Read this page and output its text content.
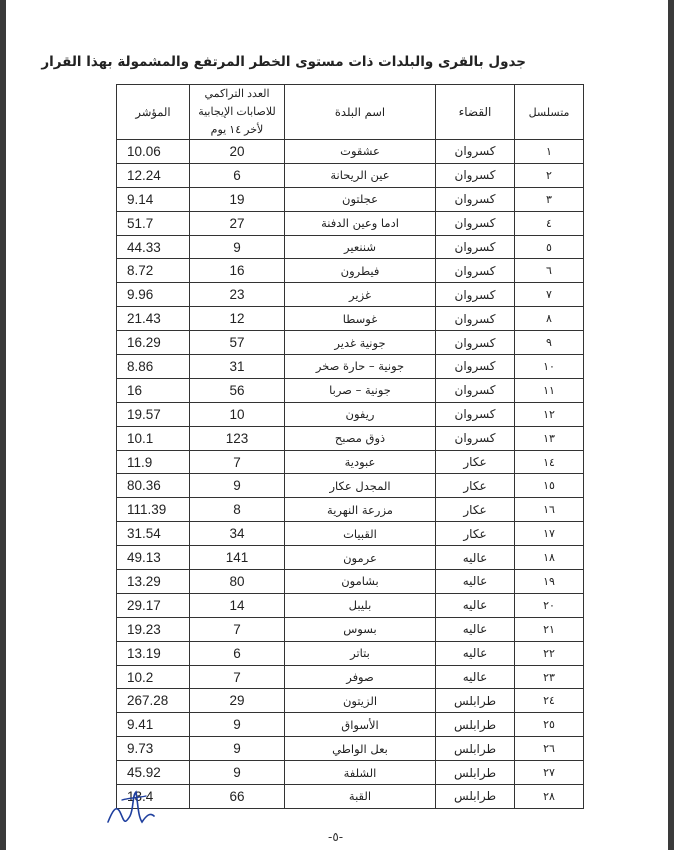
جدول بالقرى والبلدات ذات مستوى الخطر المرتفع والمشمولة بهذا القرار
المؤشر	العدد التراكمي للاصابات الإيجابية لأخر ١٤ يوم	اسم البلدة	القضاء	متسلسل
10.06	20	عشقوت	كسروان	١
12.24	6	عين الريحانة	كسروان	٢
9.14	19	عجلتون	كسروان	٣
51.7	27	ادما وعين الدفنة	كسروان	٤
44.33	9	شننعير	كسروان	٥
8.72	16	فيطرون	كسروان	٦
9.96	23	غزير	كسروان	٧
21.43	12	غوسطا	كسروان	٨
16.29	57	جونية غدير	كسروان	٩
8.86	31	جونية – حارة صخر	كسروان	١٠
16	56	جونية – صربا	كسروان	١١
19.57	10	ريفون	كسروان	١٢
10.1	123	ذوق مصبح	كسروان	١٣
11.9	7	عبودية	عكار	١٤
80.36	9	المجدل عكار	عكار	١٥
111.39	8	مزرعة النهرية	عكار	١٦
31.54	34	القبيات	عكار	١٧
49.13	141	عرمون	عاليه	١٨
13.29	80	بشامون	عاليه	١٩
29.17	14	بليبل	عاليه	٢٠
19.23	7	بسوس	عاليه	٢١
13.19	6	بتاتر	عاليه	٢٢
10.2	7	صوفر	عاليه	٢٣
267.28	29	الزيتون	طرابلس	٢٤
9.41	9	الأسواق	طرابلس	٢٥
9.73	9	بعل الواطي	طرابلس	٢٦
45.92	9	الشلفة	طرابلس	٢٧
13.4	66	القبة	طرابلس	٢٨
-٥-
